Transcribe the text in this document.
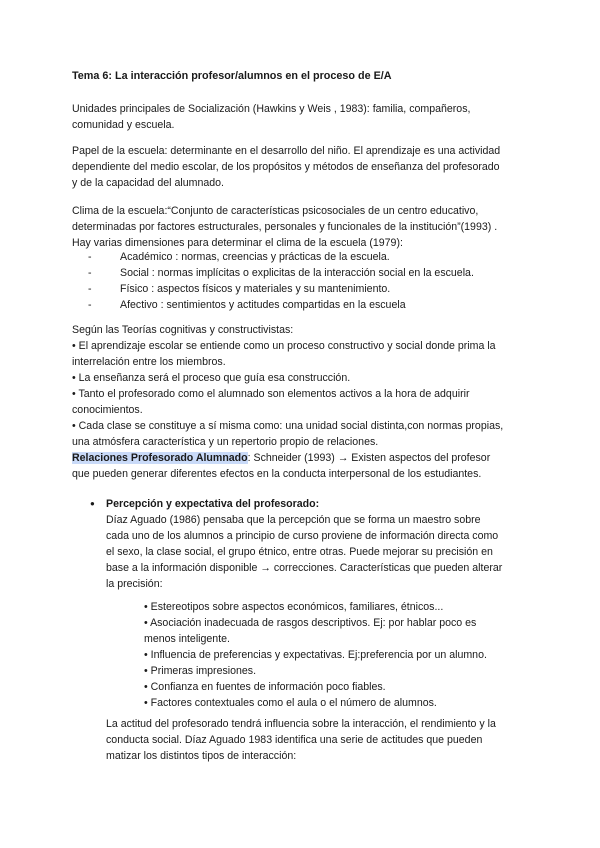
Tema 6: La interacción profesor/alumnos en el proceso de E/A
Unidades principales de Socialización (Hawkins y Weis , 1983): familia, compañeros,
comunidad y escuela.
Papel de la escuela: determinante en el desarrollo del niño. El aprendizaje es una actividad
dependiente del medio escolar, de los propósitos y métodos de enseñanza del profesorado
y de la capacidad del alumnado.
Clima de la escuela:“Conjunto de características psicosociales de un centro educativo,
determinadas por factores estructurales, personales y funcionales de la institución”(1993) .
Hay varias dimensiones para determinar el clima de la escuela (1979):
- Académico : normas, creencias y prácticas de la escuela.
- Social : normas implícitas o explicitas de la interacción social en la escuela.
- Físico : aspectos físicos y materiales y su mantenimiento.
- Afectivo : sentimientos y actitudes compartidas en la escuela
Según las Teorías cognitivas y constructivistas:
• El aprendizaje escolar se entiende como un proceso constructivo y social donde prima la
interrelación entre los miembros.
• La enseñanza será el proceso que guía esa construcción.
• Tanto el profesorado como el alumnado son elementos activos a la hora de adquirir
conocimientos.
• Cada clase se constituye a sí misma como: una unidad social distinta,con normas propias,
una atmósfera característica y un repertorio propio de relaciones.
Relaciones Profesorado Alumnado: Schneider (1993) → Existen aspectos del profesor
que pueden generar diferentes efectos en la conducta interpersonal de los estudiantes.
● Percepción y expectativa del profesorado:
Díaz Aguado (1986) pensaba que la percepción que se forma un maestro sobre
cada uno de los alumnos a principio de curso proviene de información directa como
el sexo, la clase social, el grupo étnico, entre otras. Puede mejorar su precisión en
base a la información disponible → correcciones. Características que pueden alterar
la precisión:
• Estereotipos sobre aspectos económicos, familiares, étnicos...
• Asociación inadecuada de rasgos descriptivos. Ej: por hablar poco es
menos inteligente.
• Influencia de preferencias y expectativas. Ej:preferencia por un alumno.
• Primeras impresiones.
• Confianza en fuentes de información poco fiables.
• Factores contextuales como el aula o el número de alumnos.
La actitud del profesorado tendrá influencia sobre la interacción, el rendimiento y la
conducta social. Díaz Aguado 1983 identifica una serie de actitudes que pueden
matizar los distintos tipos de interacción:
